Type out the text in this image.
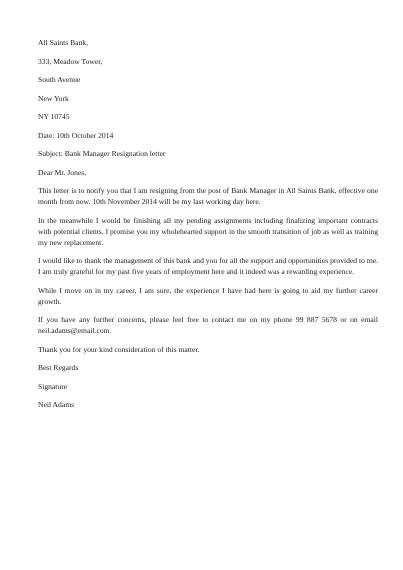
All Saints Bank,
333, Meadow Tower,
South Avenue
New York
NY 10745
Date: 10th October 2014
Subject: Bank Manager Resignation letter
Dear Mr. Jones,
This letter is to notify you that I am resigning from the post of Bank Manager in All Saints Bank, effective one month from now. 10th November 2014 will be my last working day here.
In the meanwhile I would be finishing all my pending assignments including finalizing important contracts with potential clients. I promise you my wholehearted support in the smooth transition of job as well as training my new replacement.
I would like to thank the management of this bank and you for all the support and opportunities provided to me. I am truly grateful for my past five years of employment here and it indeed was a rewarding experience.
While I move on in my career, I am sure, the experience I have had here is going to aid my further career growth.
If you have any further concerns, please feel free to contact me on my phone 99 887 5678 or on email neil.adams@email.com.
Thank you for your kind consideration of this matter.
Best Regards
Signature
Neil Adams
